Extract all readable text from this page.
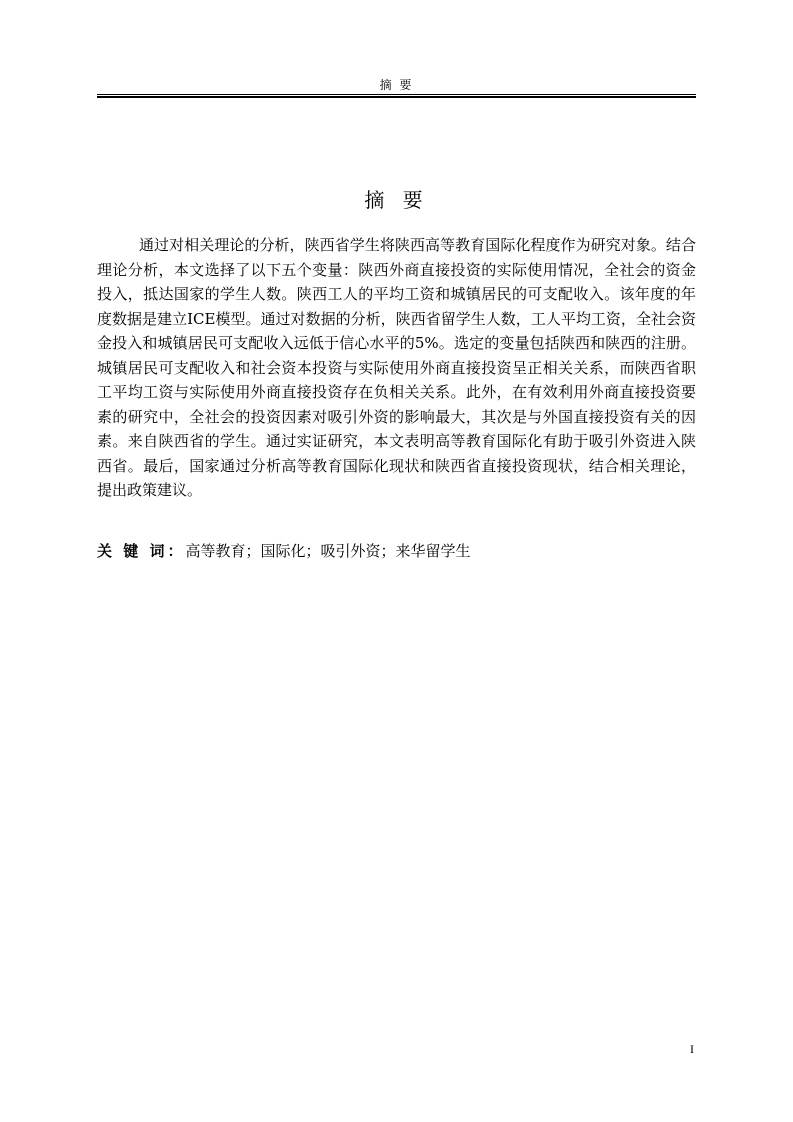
摘 要
摘 要

通过对相关理论的分析，陕西省学生将陕西高等教育国际化程度作为研究对象。结合理论分析，本文选择了以下五个变量：陕西外商直接投资的实际使用情况，全社会的资金投入，抵达国家的学生人数。陕西工人的平均工资和城镇居民的可支配收入。该年度的年度数据是建立ICE模型。通过对数据的分析，陕西省留学生人数，工人平均工资，全社会资金投入和城镇居民可支配收入远低于信心水平的5%。选定的变量包括陕西和陕西的注册。城镇居民可支配收入和社会资本投资与实际使用外商直接投资呈正相关关系，而陕西省职工平均工资与实际使用外商直接投资存在负相关关系。此外，在有效利用外商直接投资要素的研究中，全社会的投资因素对吸引外资的影响最大，其次是与外国直接投资有关的因素。来自陕西省的学生。通过实证研究，本文表明高等教育国际化有助于吸引外资进入陕西省。最后，国家通过分析高等教育国际化现状和陕西省直接投资现状，结合相关理论，提出政策建议。

关 键 词：高等教育；国际化；吸引外资；来华留学生
I
